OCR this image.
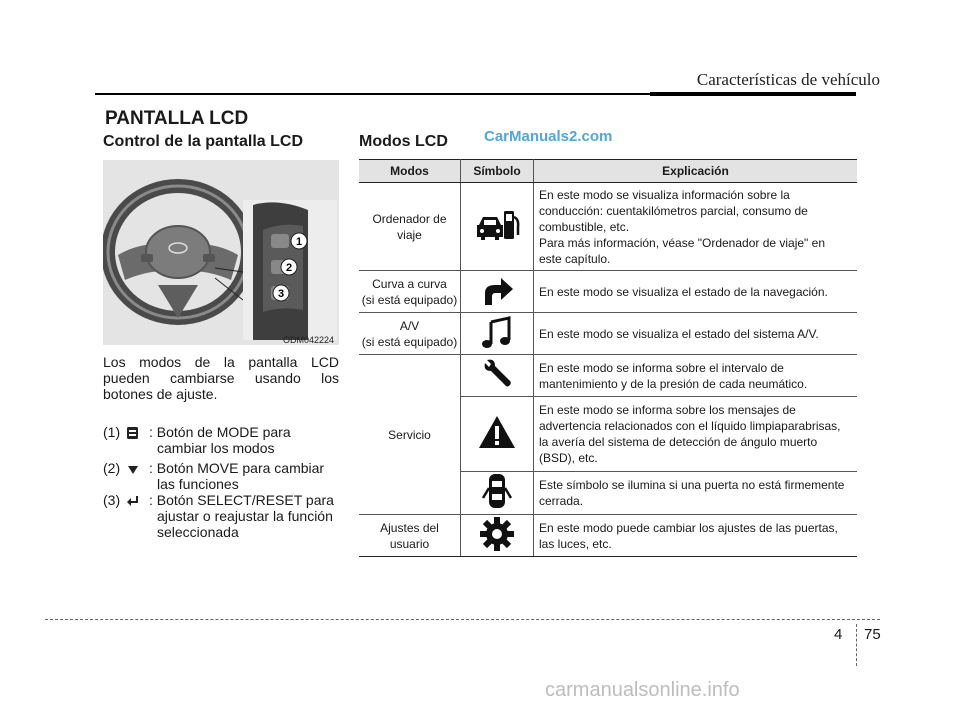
Características de vehículo
PANTALLA LCD
Control de la pantalla LCD	Modos LCD CarManuals2.com
1
2
3
ODM042224
Los modos de la pantalla LCD pueden cambiarse usando los botones de ajuste.
(1) : Botón de MODE para
cambiar los modos
(2) : Botón MOVE para cambiar
las funciones
(3) : Botón SELECT/RESET para
ajustar o reajustar la función
seleccionada
Modos	Símbolo	Explicación
Ordenador de viaje		En este modo se visualiza información sobre la conducción: cuentakilómetros parcial, consumo de combustible, etc.
Para más información, véase "Ordenador de viaje" en este capítulo.
Curva a curva
(si está equipado)		En este modo se visualiza el estado de la navegación.
A/V
(si está equipado)		En este modo se visualiza el estado del sistema A/V.
Servicio		En este modo se informa sobre el intervalo de mantenimiento y de la presión de cada neumático.
	En este modo se informa sobre los mensajes de advertencia relacionados con el líquido limpiaparabrisas, la avería del sistema de detección de ángulo muerto (BSD), etc.
	Este símbolo se ilumina si una puerta no está firmemente cerrada.
Ajustes del usuario		En este modo puede cambiar los ajustes de las puertas, las luces, etc.
4 75
carmanualsonline.info
